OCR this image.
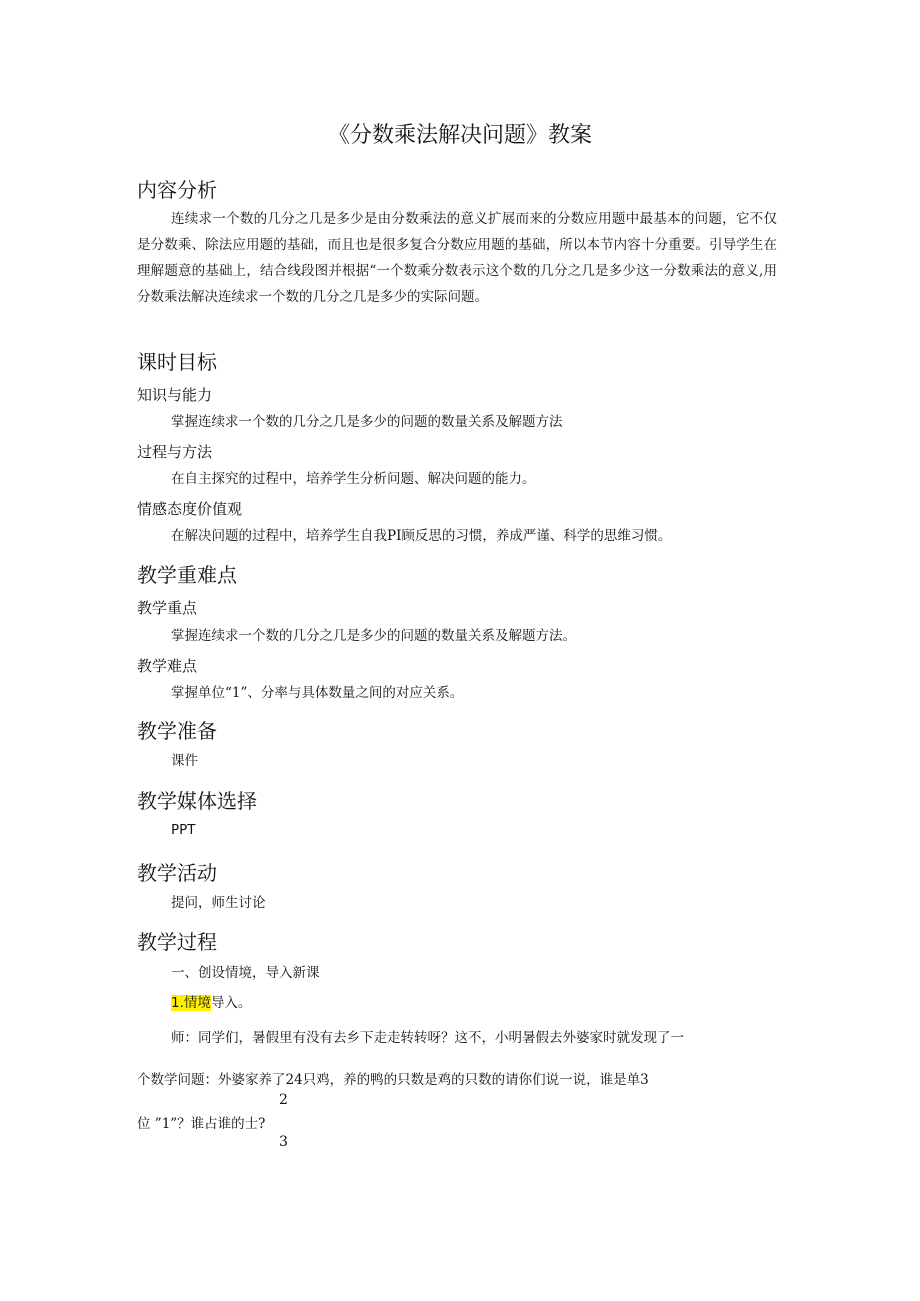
《分数乘法解决问题》教案
内容分析
连续求一个数的几分之几是多少是由分数乘法的意义扩展而来的分数应用题中最基本的问题，它不仅是分数乘、除法应用题的基础，而且也是很多复合分数应用题的基础，所以本节内容十分重要。引导学生在理解题意的基础上，结合线段图并根据“一个数乘分数表示这个数的几分之几是多少这一分数乘法的意义,用分数乘法解决连续求一个数的几分之几是多少的实际问题。
课时目标
知识与能力
掌握连续求一个数的几分之几是多少的问题的数量关系及解题方法
过程与方法
在自主探究的过程中，培养学生分析问题、解决问题的能力。
情感态度价值观
在解决问题的过程中，培养学生自我PI顾反思的习惯，养成严谨、科学的思维习惯。
教学重难点
教学重点
掌握连续求一个数的几分之几是多少的问题的数量关系及解题方法。
教学难点
掌握单位“1”、分率与具体数量之间的对应关系。
教学准备
课件
教学媒体选择
PPT
教学活动
提问，师生讨论
教学过程
一、创设情境，导入新课
1.情境导入。
师：同学们，暑假里有没有去乡下走走转转呀？这不，小明暑假去外婆家时就发现了一
个数学问题：外婆家养了24只鸡，养的鸭的只数是鸡的只数的请你们说一说，谁是单3
2
位 ”1”？谁占谁的士?
3
